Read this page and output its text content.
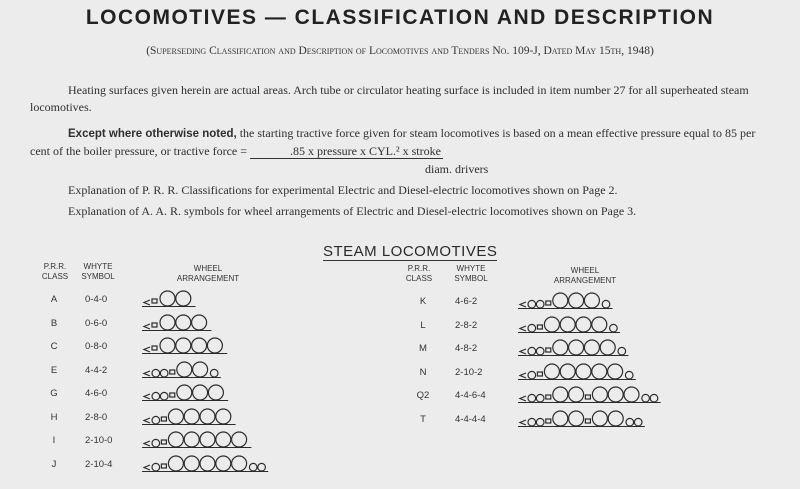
LOCOMOTIVES — CLASSIFICATION AND DESCRIPTION
(Superseding Classification and Description of Locomotives and Tenders No. 109-J, Dated May 15th, 1948)
Heating surfaces given herein are actual areas. Arch tube or circulator heating surface is included in item number 27 for all superheated steam locomotives.
Except where otherwise noted, the starting tractive force given for steam locomotives is based on a mean effective pressure equal to 85 per cent of the boiler pressure, or tractive force =	.85 x pressure x CYL.² x stroke
diam. drivers
Explanation of P. R. R. Classifications for experimental Electric and Diesel-electric locomotives shown on Page 2.
Explanation of A. A. R. symbols for wheel arrangements of Electric and Diesel-electric locomotives shown on Page 3.
STEAM LOCOMOTIVES
P.R.R. CLASS
WHYTE SYMBOL
WHEEL ARRANGEMENT
P.R.R. CLASS
WHYTE SYMBOL
WHEEL ARRANGEMENT
A	0-4-0
B	0-6-0
C	0-8-0
E	4-4-2
G	4-6-0
H	2-8-0
I	2-10-0
J	2-10-4
K	4-6-2
L	2-8-2
M	4-8-2
N	2-10-2
Q2	4-4-6-4
T	4-4-4-4
